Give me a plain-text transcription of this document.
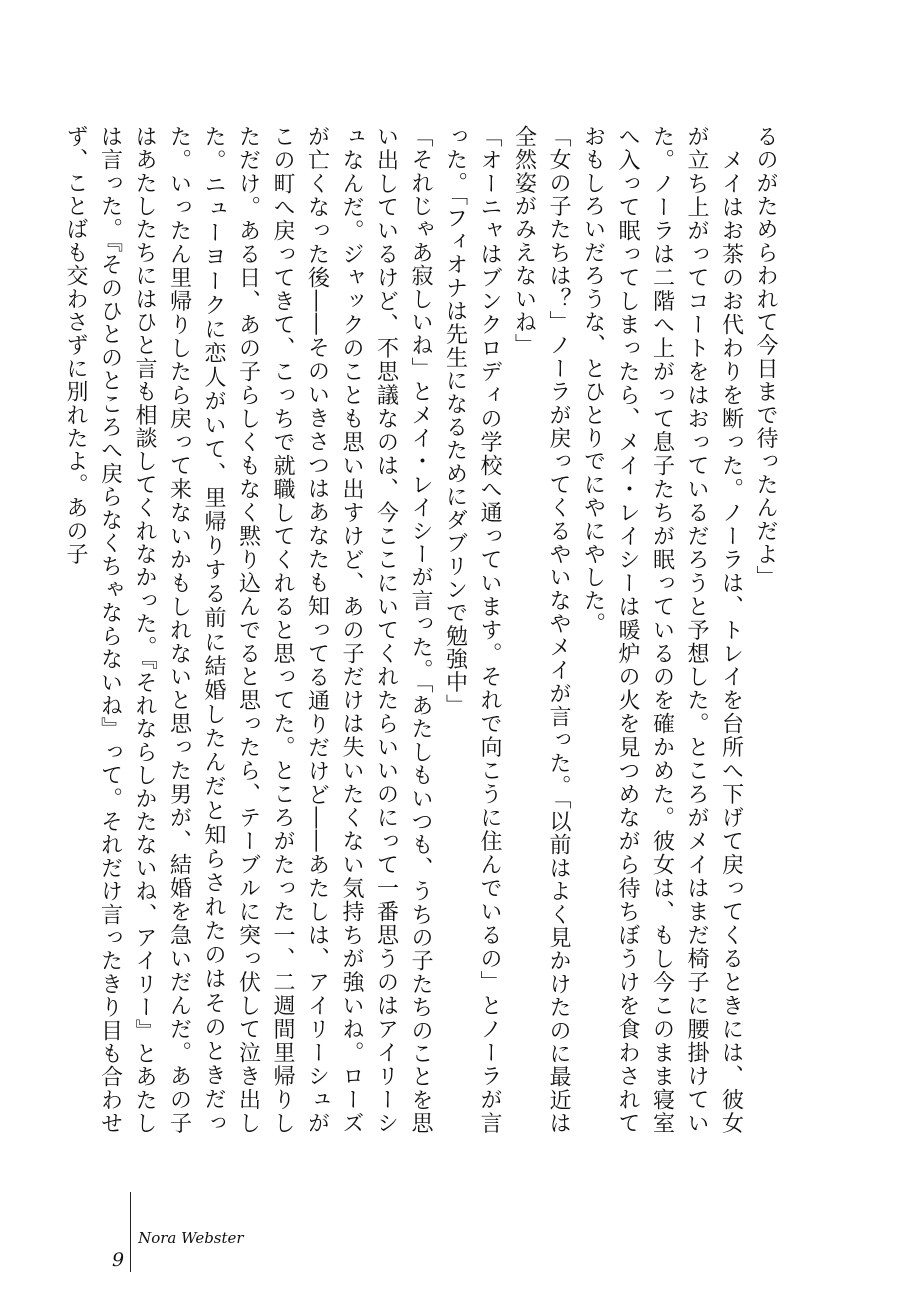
るのがためらわれて今日まで待ったんだよ」

　メイはお茶のお代わりを断った。ノーラは、トレイを台所へ下げて戻ってくるときには、彼女が立ち上がってコートをはおっているだろうと予想した。ところがメイはまだ椅子に腰掛けていた。ノーラは二階へ上がって息子たちが眠っているのを確かめた。彼女は、もし今このまま寝室へ入って眠ってしまったら、メイ・レイシーは暖炉の火を見つめながら待ちぼうけを食わされておもしろいだろうな、とひとりでにやにやした。

「女の子たちは？」ノーラが戻ってくるやいなやメイが言った。「以前はよく見かけたのに最近は全然姿がみえないね」

「オーニャはブンクロディの学校へ通っています。それで向こうに住んでいるの」とノーラが言った。「フィオナは先生になるためにダブリンで勉強中」

「それじゃあ寂しいね」とメイ・レイシーが言った。「あたしもいつも、うちの子たちのことを思い出しているけど、不思議なのは、今ここにいてくれたらいいのにって一番思うのはアイリーシュなんだ。ジャックのことも思い出すけど、あの子だけは失いたくない気持ちが強いね。ローズが亡くなった後――そのいきさつはあなたも知ってる通りだけど――あたしは、アイリーシュがこの町へ戻ってきて、こっちで就職してくれると思ってた。ところがたった一、二週間里帰りしただけ。ある日、あの子らしくもなく黙り込んでると思ったら、テーブルに突っ伏して泣き出した。ニューヨークに恋人がいて、里帰りする前に結婚したんだと知らされたのはそのときだった。いったん里帰りしたら戻って来ないかもしれないと思った男が、結婚を急いだんだ。あの子はあたしたちにはひと言も相談してくれなかった。『それならしかたないね、アイリー』とあたしは言った。『そのひとのところへ戻らなくちゃならないね』って。それだけ言ったきり目も合わせず、ことばも交わさずに別れたよ。あの子

9
Nora Webster
